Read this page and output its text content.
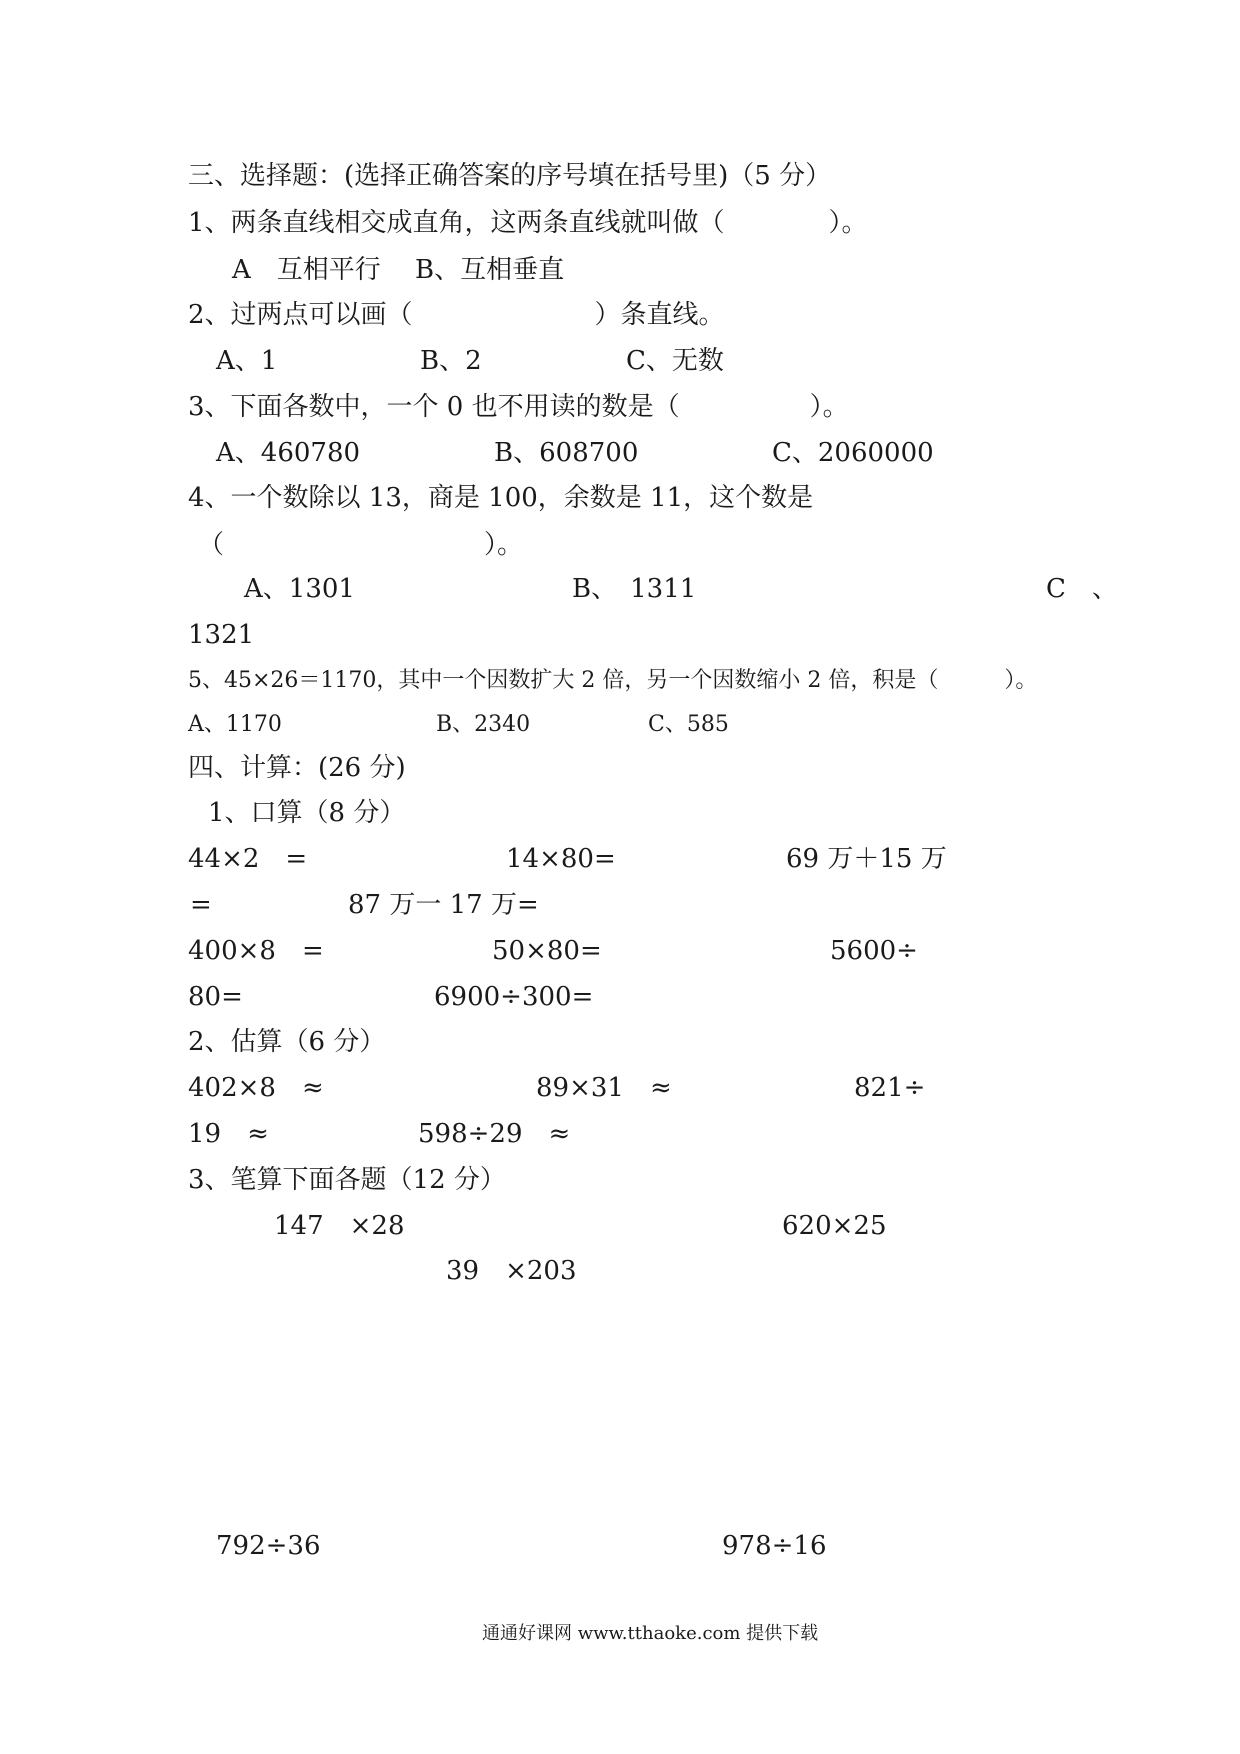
三、选择题：(选择正确答案的序号填在括号里)（5 分）
1、两条直线相交成直角，这两条直线就叫做（　　　　）。
A　互相平行　 B、互相垂直
2、过两点可以画（　　　　　　　）条直线。
A、1	B、2	C、无数
3、下面各数中，一个 0 也不用读的数是（　　　　　）。
A、460780	B、608700	C、2060000
4、一个数除以 13，商是 100，余数是 11，这个数是
（　　　　　　　　　　）。
A、1301	B、　1311	C　、
1321
5、45×26＝1170，其中一个因数扩大 2 倍，另一个因数缩小 2 倍，积是（　　　）。
A、1170	B、2340	C、585
四、计算：(26 分)
1、口算（8 分）
44×2　=	14×80=	69 万＋15 万
=	87 万一 17 万=
400×8　=	50×80=	5600÷
80=	6900÷300=
2、估算（6 分）
402×8　≈	89×31　≈	821÷
19　≈	598÷29　≈
3、笔算下面各题（12 分）
147　×28	620×25
39　×203
792÷36	978÷16
通通好课网 www.tthaoke.com 提供下载
